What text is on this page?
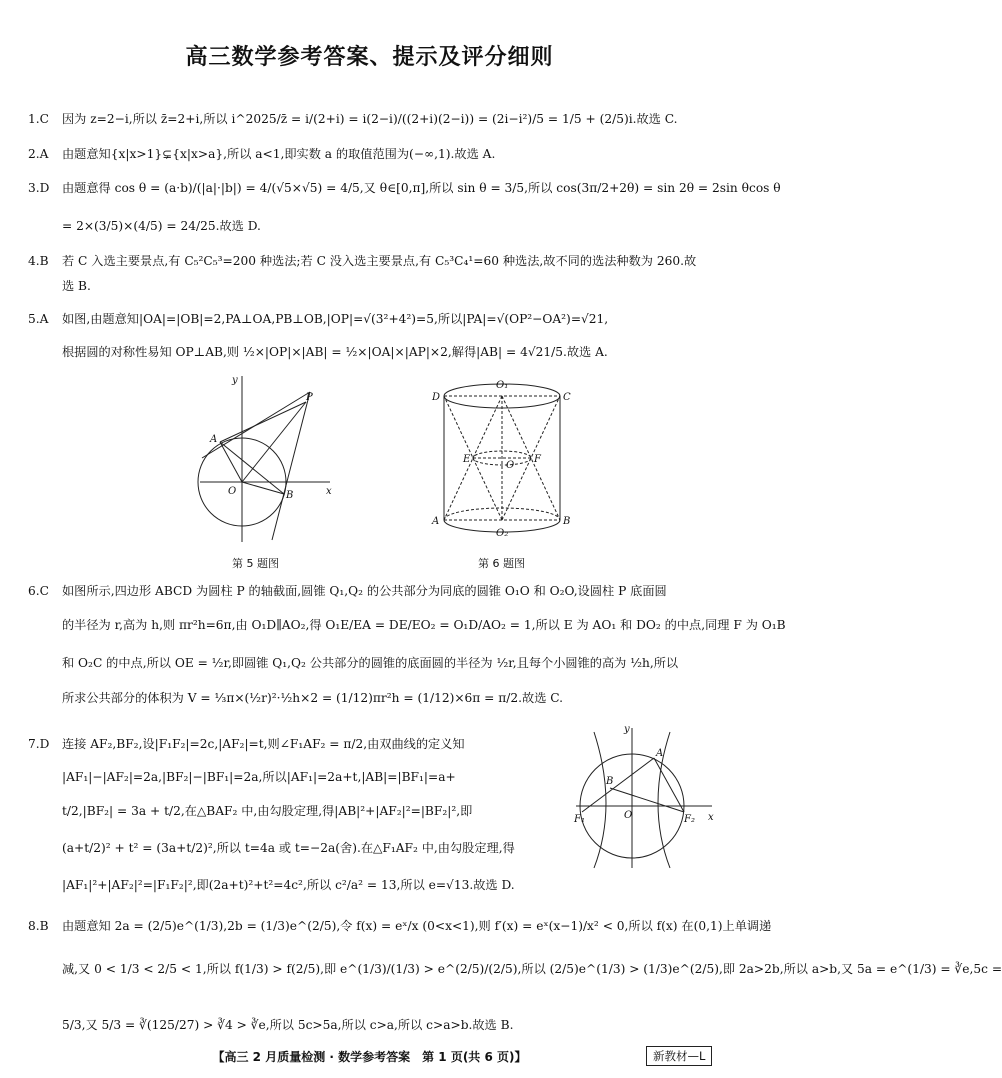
高三数学参考答案、提示及评分细则
1.C 因为 z=2−i,所以 z̄=2+i,所以 i^2025/z̄ = i/(2+i) = i(2−i)/((2+i)(2−i)) = (2i−i²)/5 = 1/5 + (2/5)i.故选 C.
2.A 由题意知{x|x>1}⊊{x|x>a},所以 a<1,即实数 a 的取值范围为(−∞,1).故选 A.
3.D 由题意得 cos θ = (a·b)/(|a|·|b|) = 4/(√5×√5) = 4/5,又 θ∈[0,π],所以 sin θ = 3/5,所以 cos(3π/2+2θ) = sin 2θ = 2sin θcos θ
= 2×(3/5)×(4/5) = 24/25.故选 D.
4.B 若 C 入选主要景点,有 C₅²C₅³=200 种选法;若 C 没入选主要景点,有 C₅³C₄¹=60 种选法,故不同的选法种数为 260.故
选 B.
5.A 如图,由题意知|OA|=|OB|=2,PA⊥OA,PB⊥OB,|OP|=√(3²+4²)=5,所以|PA|=√(OP²−OA²)=√21,
根据圆的对称性易知 OP⊥AB,则 ½×|OP|×|AB| = ½×|OA|×|AP|×2,解得|AB| = 4√21/5.故选 A.
y
x
O
A
B
P
第 5 题图
O₁
O₂
O
A	B
C
D
E	F
第 6 题图
6.C 如图所示,四边形 ABCD 为圆柱 P 的轴截面,圆锥 Q₁,Q₂ 的公共部分为同底的圆锥 O₁O 和 O₂O,设圆柱 P 底面圆
的半径为 r,高为 h,则 πr²h=6π,由 O₁D∥AO₂,得 O₁E/EA = DE/EO₂ = O₁D/AO₂ = 1,所以 E 为 AO₁ 和 DO₂ 的中点,同理 F 为 O₁B
和 O₂C 的中点,所以 OE = ½r,即圆锥 Q₁,Q₂ 公共部分的圆锥的底面圆的半径为 ½r,且每个小圆锥的高为 ½h,所以
所求公共部分的体积为 V = ⅓π×(½r)²·½h×2 = (1/12)πr²h = (1/12)×6π = π/2.故选 C.
7.D 连接 AF₂,BF₂,设|F₁F₂|=2c,|AF₂|=t,则∠F₁AF₂ = π/2,由双曲线的定义知
|AF₁|−|AF₂|=2a,|BF₂|−|BF₁|=2a,所以|AF₁|=2a+t,|AB|=|BF₁|=a+
t/2,|BF₂| = 3a + t/2,在△BAF₂ 中,由勾股定理,得|AB|²+|AF₂|²=|BF₂|²,即
(a+t/2)² + t² = (3a+t/2)²,所以 t=4a 或 t=−2a(舍).在△F₁AF₂ 中,由勾股定理,得
|AF₁|²+|AF₂|²=|F₁F₂|²,即(2a+t)²+t²=4c²,所以 c²/a² = 13,所以 e=√13.故选 D.
y
x
O
A
B
F₁	F₂
8.B 由题意知 2a = (2/5)e^(1/3),2b = (1/3)e^(2/5),令 f(x) = eˣ/x (0<x<1),则 f′(x) = eˣ(x−1)/x² < 0,所以 f(x) 在(0,1)上单调递
减,又 0 < 1/3 < 2/5 < 1,所以 f(1/3) > f(2/5),即 e^(1/3)/(1/3) > e^(2/5)/(2/5),所以 (2/5)e^(1/3) > (1/3)e^(2/5),即 2a>2b,所以 a>b,又 5a = e^(1/3) = ∛e,5c =
5/3,又 5/3 = ∛(125/27) > ∛4 > ∛e,所以 5c>5a,所以 c>a,所以 c>a>b.故选 B.
【高三 2 月质量检测 · 数学参考答案　第 1 页(共 6 页)】	新教材—L
